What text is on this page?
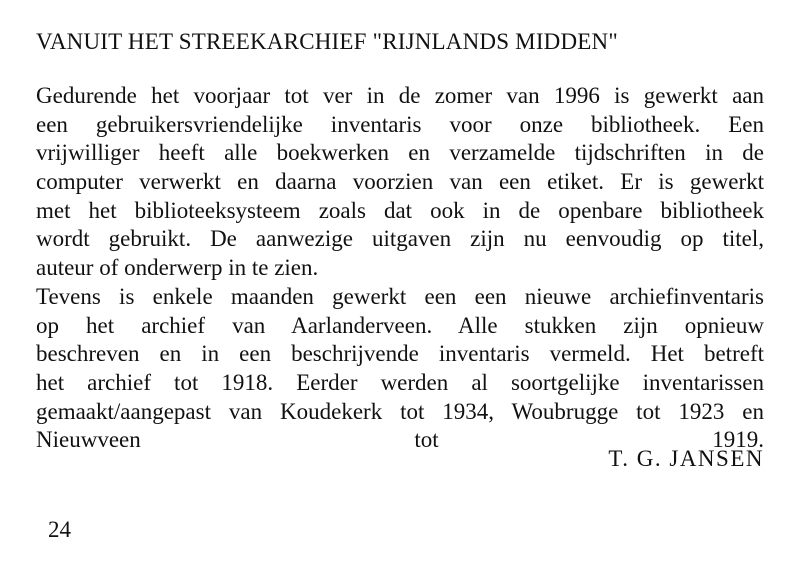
VANUIT HET STREEKARCHIEF "RIJNLANDS MIDDEN"
Gedurende het voorjaar tot ver in de zomer van 1996 is gewerkt aan
een gebruikersvriendelijke inventaris voor onze bibliotheek. Een
vrijwilliger heeft alle boekwerken en verzamelde tijdschriften in de
computer verwerkt en daarna voorzien van een etiket. Er is gewerkt
met het biblioteeksysteem zoals dat ook in de openbare bibliotheek
wordt gebruikt. De aanwezige uitgaven zijn nu eenvoudig op titel,
auteur of onderwerp in te zien.
Tevens is enkele maanden gewerkt een een nieuwe archiefinventaris
op het archief van Aarlanderveen. Alle stukken zijn opnieuw
beschreven en in een beschrijvende inventaris vermeld. Het betreft
het archief tot 1918. Eerder werden al soortgelijke inventarissen
gemaakt/aangepast van Koudekerk tot 1934, Woubrugge tot 1923 en
Nieuwveen tot 1919.
T. G. JANSEN
24
